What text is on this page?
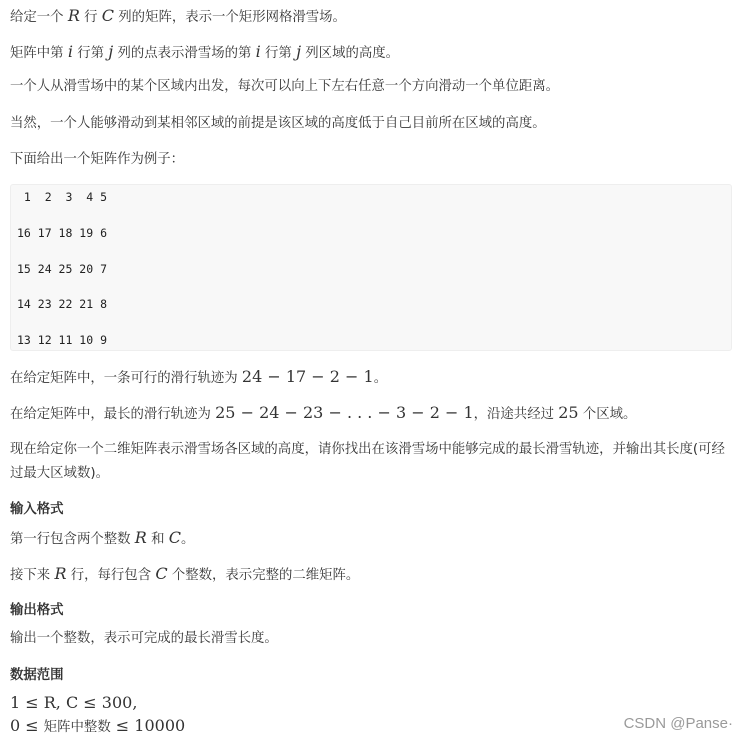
给定一个 R 行 C 列的矩阵，表示一个矩形网格滑雪场。
矩阵中第 i 行第 j 列的点表示滑雪场的第 i 行第 j 列区域的高度。
一个人从滑雪场中的某个区域内出发，每次可以向上下左右任意一个方向滑动一个单位距离。
当然，一个人能够滑动到某相邻区域的前提是该区域的高度低于自己目前所在区域的高度。
下面给出一个矩阵作为例子：
1  2  3  4 5
16 17 18 19 6
15 24 25 20 7
14 23 22 21 8
13 12 11 10 9
在给定矩阵中，一条可行的滑行轨迹为 24 − 17 − 2 − 1。
在给定矩阵中，最长的滑行轨迹为 25 − 24 − 23 − . . . − 3 − 2 − 1，沿途共经过 25 个区域。
现在给定你一个二维矩阵表示滑雪场各区域的高度，请你找出在该滑雪场中能够完成的最长滑雪轨迹，并输出其长度(可经过最大区域数)。
输入格式
第一行包含两个整数 R 和 C。
接下来 R 行，每行包含 C 个整数，表示完整的二维矩阵。
输出格式
输出一个整数，表示可完成的最长滑雪长度。
数据范围
1 ≤ R, C ≤ 300,
0 ≤ 矩阵中整数 ≤ 10000	CSDN @Panse·
